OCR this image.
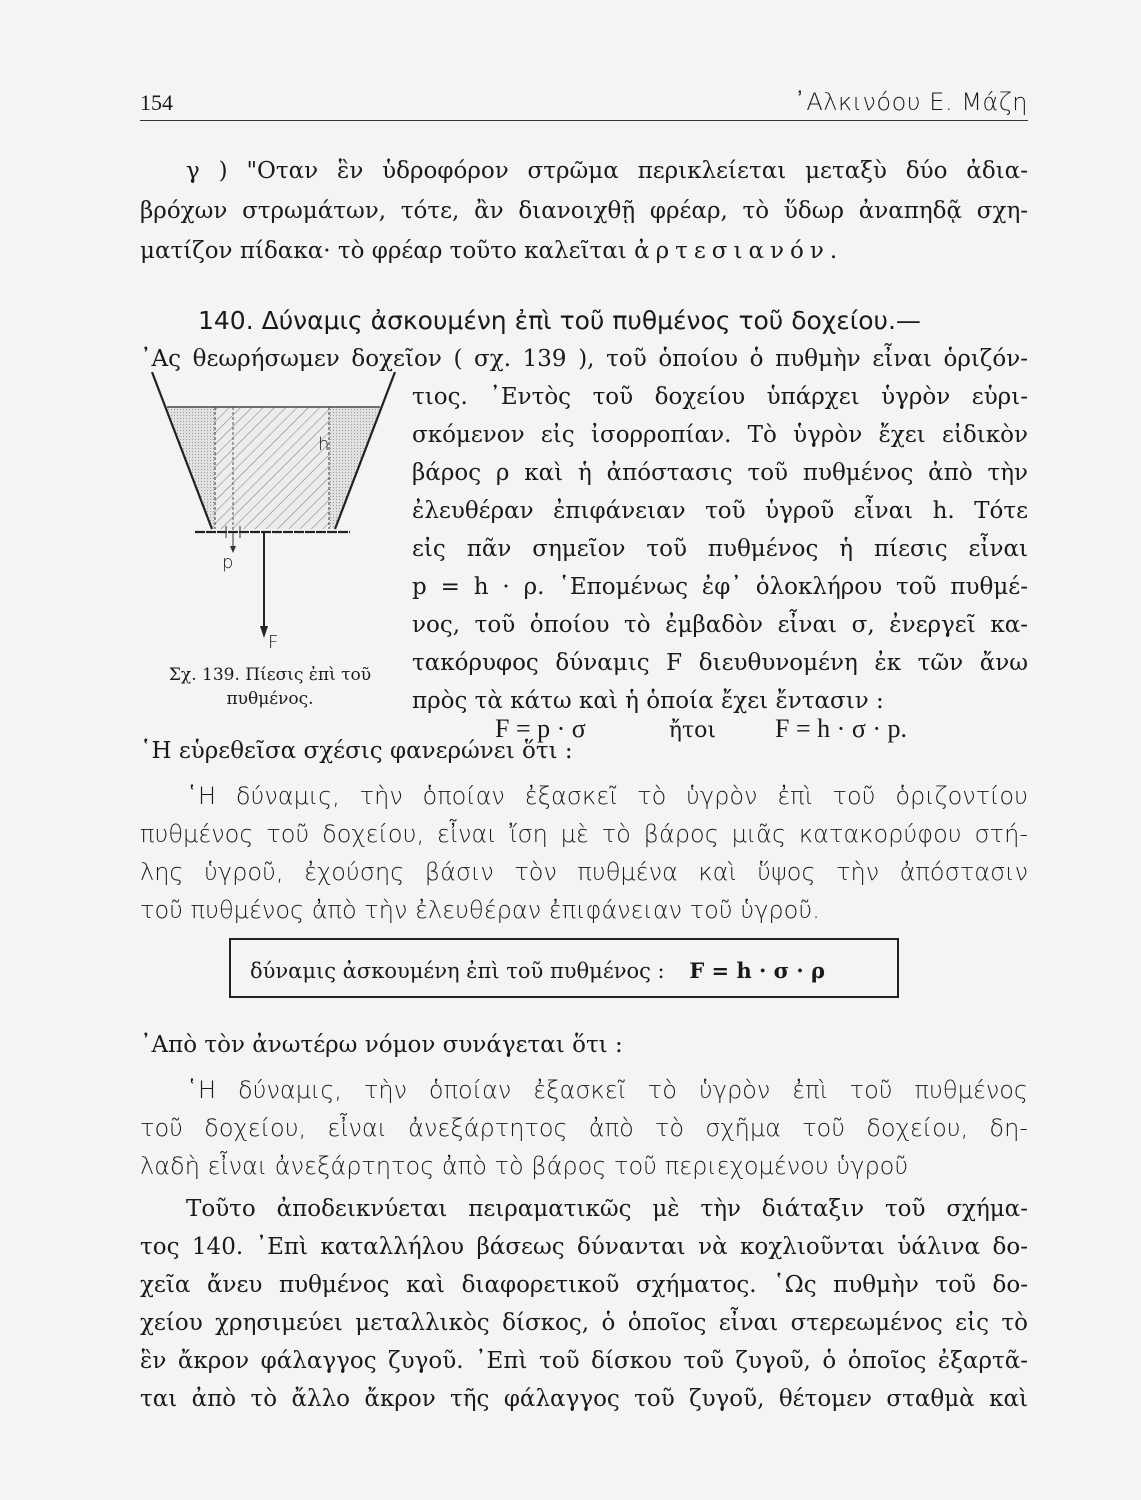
154	᾿Αλκινόου Ε. Μάζη
γ ) "Οταν ἓν ὑδροφόρον στρῶμα περικλείεται μεταξὺ δύο ἀδια-
βρόχων στρωμάτων, τότε, ἂν διανοιχθῇ φρέαρ, τὸ ὕδωρ ἀναπηδᾷ σχη-
ματίζον πίδακα· τὸ φρέαρ τοῦτο καλεῖται ἀρτεσιανόν.
140. Δύναμις ἀσκουμένη ἐπὶ τοῦ πυθμένος τοῦ δοχείου.—
᾿Ας θεωρήσωμεν δοχεῖον ( σχ. 139 ), τοῦ ὁποίου ὁ πυθμὴν εἶναι ὁριζόν-
τιος. ᾿Εντὸς τοῦ δοχείου ὑπάρχει ὑγρὸν εὑρι-
σκόμενον εἰς ἰσορροπίαν. Τὸ ὑγρὸν ἔχει εἰδικὸν
βάρος ρ καὶ ἡ ἀπόστασις τοῦ πυθμένος ἀπὸ τὴν
ἐλευθέραν ἐπιφάνειαν τοῦ ὑγροῦ εἶναι h. Τότε
εἰς πᾶν σημεῖον τοῦ πυθμένος ἡ πίεσις εἶναι
p = h · ρ. ῾Επομένως ἐφ᾿ ὁλοκλήρου τοῦ πυθμέ-
νος, τοῦ ὁποίου τὸ ἐμβαδὸν εἶναι σ, ἐνεργεῖ κα-
τακόρυφος δύναμις F διευθυνομένη ἐκ τῶν ἄνω
πρὸς τὰ κάτω καὶ ἡ ὁποία ἔχει ἔντασιν :
F = p · σ	ἤτοι F = h · σ · p.
h
p
F
Σχ. 139. Πίεσις ἐπὶ τοῦ
πυθμένος.
῾Η εὑρεθεῖσα σχέσις φανερώνει ὅτι :
῾Η δύναμις, τὴν ὁποίαν ἐξασκεῖ τὸ ὑγρὸν ἐπὶ τοῦ ὁριζοντίου
πυθμένος τοῦ δοχείου, εἶναι ἴση μὲ τὸ βάρος μιᾶς κατακορύφου στή-
λης ὑγροῦ, ἐχούσης βάσιν τὸν πυθμένα καὶ ὕψος τὴν ἀπόστασιν
τοῦ πυθμένος ἀπὸ τὴν ἐλευθέραν ἐπιφάνειαν τοῦ ὑγροῦ.
δύναμις ἀσκουμένη ἐπὶ τοῦ πυθμένος : F = h · σ · ρ
᾿Απὸ τὸν ἀνωτέρω νόμον συνάγεται ὅτι :
῾Η δύναμις, τὴν ὁποίαν ἐξασκεῖ τὸ ὑγρὸν ἐπὶ τοῦ πυθμένος
τοῦ δοχείου, εἶναι ἀνεξάρτητος ἀπὸ τὸ σχῆμα τοῦ δοχείου, δη-
λαδὴ εἶναι ἀνεξάρτητος ἀπὸ τὸ βάρος τοῦ περιεχομένου ὑγροῦ
Τοῦτο ἀποδεικνύεται πειραματικῶς μὲ τὴν διάταξιν τοῦ σχήμα-
τος 140. ᾿Επὶ καταλλήλου βάσεως δύνανται νὰ κοχλιοῦνται ὑάλινα δο-
χεῖα ἄνευ πυθμένος καὶ διαφορετικοῦ σχήματος. ῾Ως πυθμὴν τοῦ δο-
χείου χρησιμεύει μεταλλικὸς δίσκος, ὁ ὁποῖος εἶναι στερεωμένος εἰς τὸ
ἓν ἄκρον φάλαγγος ζυγοῦ. ᾿Επὶ τοῦ δίσκου τοῦ ζυγοῦ, ὁ ὁποῖος ἐξαρτᾶ-
ται ἀπὸ τὸ ἄλλο ἄκρον τῆς φάλαγγος τοῦ ζυγοῦ, θέτομεν σταθμὰ καὶ
